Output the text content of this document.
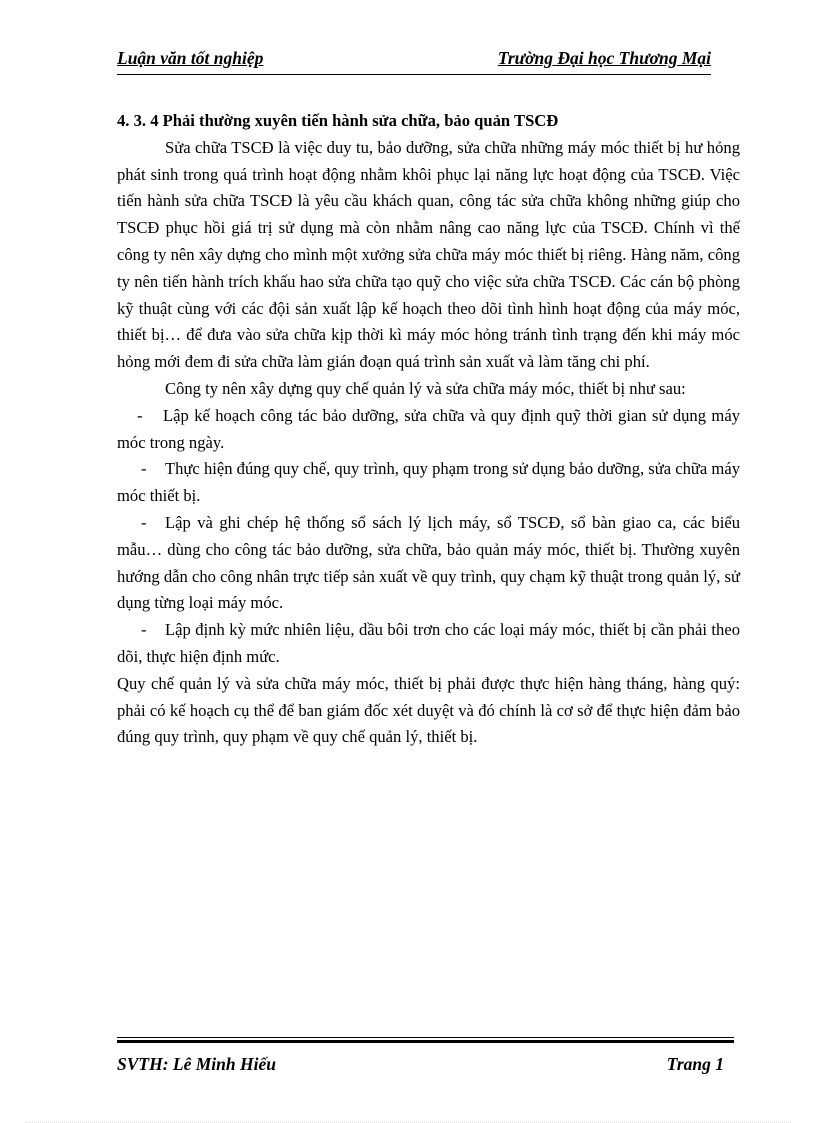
Luận văn tốt nghiệp	Trường Đại học Thương Mại

4. 3. 4 Phải thường xuyên tiến hành sửa chữa, bảo quản TSCĐ

Sửa chữa TSCĐ là việc duy tu, bảo dưỡng, sửa chữa những máy móc thiết bị hư hỏng phát sinh trong quá trình hoạt động nhằm khôi phục lại năng lực hoạt động của TSCĐ. Việc tiến hành sửa chữa TSCĐ là yêu cầu khách quan, công tác sửa chữa không những giúp cho TSCĐ phục hồi giá trị sử dụng mà còn nhằm nâng cao năng lực của TSCĐ. Chính vì thế công ty nên xây dựng cho mình một xưởng sửa chữa máy móc thiết bị riêng. Hàng năm, công ty nên tiến hành trích khấu hao sửa chữa tạo quỹ cho việc sửa chữa TSCĐ. Các cán bộ phòng kỹ thuật cùng với các đội sản xuất lập kế hoạch theo dõi tình hình hoạt động của máy móc, thiết bị… để đưa vào sửa chữa kịp thời kì máy móc hỏng tránh tình trạng đến khi máy móc hỏng mới đem đi sửa chữa làm gián đoạn quá trình sản xuất và làm tăng chi phí.

Công ty nên xây dựng quy chế quản lý và sửa chữa máy móc, thiết bị như sau:

- Lập kế hoạch công tác bảo dưỡng, sửa chữa và quy định quỹ thời gian sử dụng máy móc trong ngày.

- Thực hiện đúng quy chế, quy trình, quy phạm trong sử dụng bảo dưỡng, sửa chữa máy móc thiết bị.

- Lập và ghi chép hệ thống sổ sách lý lịch máy, sổ TSCĐ, sổ bàn giao ca, các biểu mẫu… dùng cho công tác bảo dưỡng, sửa chữa, bảo quản máy móc, thiết bị. Thường xuyên hướng dẫn cho công nhân trực tiếp sản xuất về quy trình, quy chạm kỹ thuật trong quản lý, sử dụng từng loại máy móc.

- Lập định kỳ mức nhiên liệu, dầu bôi trơn cho các loại máy móc, thiết bị cần phải theo dõi, thực hiện định mức.

Quy chế quản lý và sửa chữa máy móc, thiết bị phải được thực hiện hàng tháng, hàng quý: phải có kế hoạch cụ thể để ban giám đốc xét duyệt và đó chính là cơ sở để thực hiện đảm bảo đúng quy trình, quy phạm về quy chế quản lý, thiết bị.

SVTH: Lê Minh Hiếu	Trang 1
